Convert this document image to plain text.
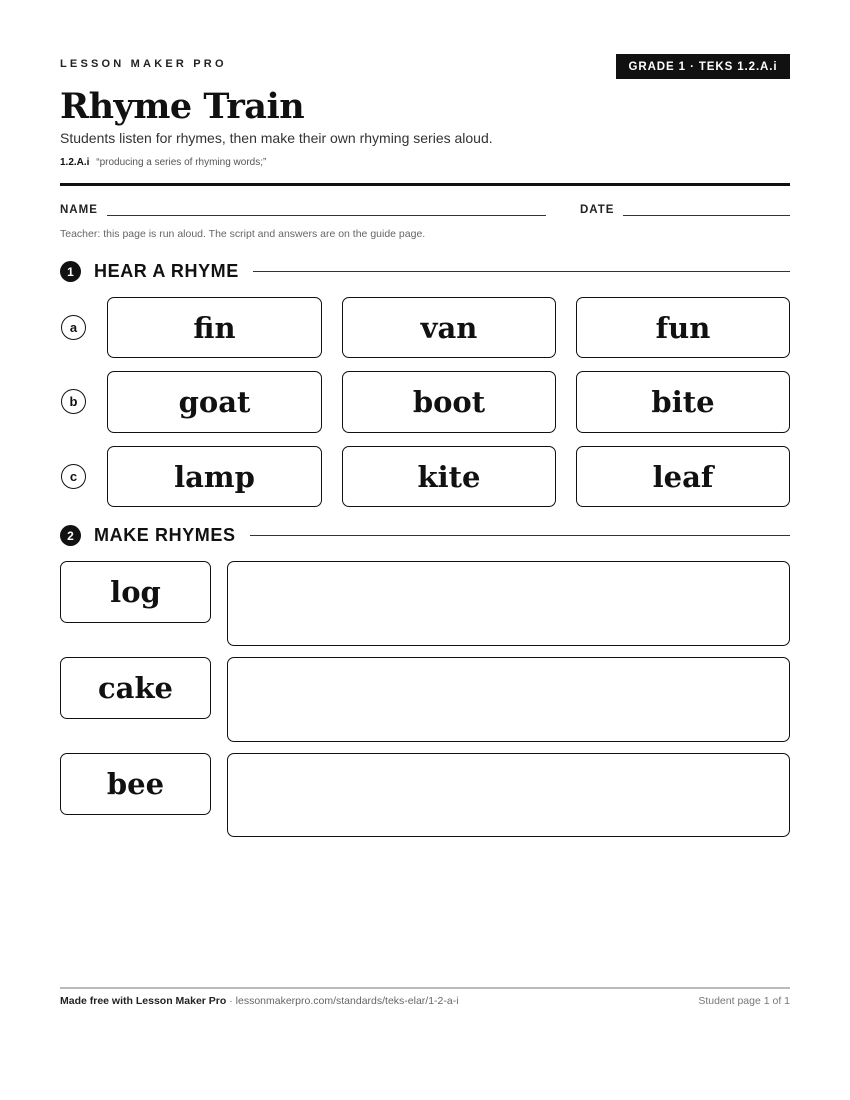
LESSON MAKER PRO	GRADE 1 · TEKS 1.2.A.i
Rhyme Train
Students listen for rhymes, then make their own rhyming series aloud.
1.2.A.i “producing a series of rhyming words;”
NAME	DATE
Teacher: this page is run aloud. The script and answers are on the guide page.
1	HEAR A RHYME
a	fin	van	fun
b	goat	boot	bite
c	lamp	kite	leaf
2	MAKE RHYMES
log
cake
bee
Made free with Lesson Maker Pro · lessonmakerpro.com/standards/teks-elar/1-2-a-i	Student page 1 of 1
